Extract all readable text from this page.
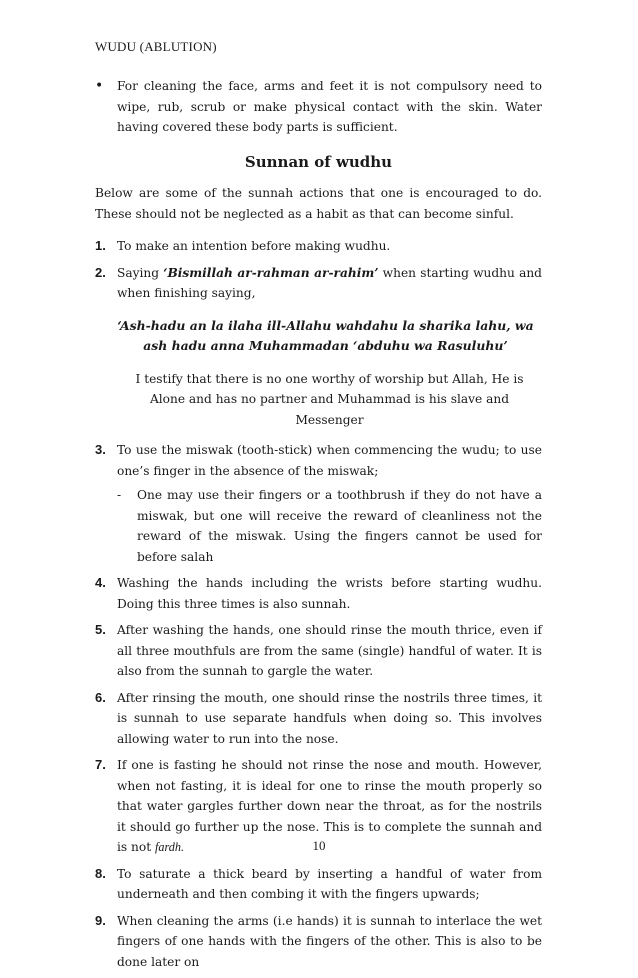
WUDU (ABLUTION)
•	For cleaning the face, arms and feet it is not compulsory need to wipe, rub, scrub or make physical contact with the skin. Water having covered these body parts is sufficient.
Sunnan of wudhu
Below are some of the sunnah actions that one is encouraged to do. These should not be neglected as a habit as that can become sinful.
1. To make an intention before making wudhu.
2. Saying ‘Bismillah ar-rahman ar-rahim’ when starting wudhu and when finishing saying,
‘Ash-hadu an la ilaha ill-Allahu wahdahu la sharika lahu, wa ash hadu anna Muhammadan ‘abduhu wa Rasuluhu’
I testify that there is no one worthy of worship but Allah, He is Alone and has no partner and Muhammad is his slave and Messenger
3. To use the miswak (tooth-stick) when commencing the wudu; to use one’s finger in the absence of the miswak;
-	One may use their fingers or a toothbrush if they do not have a miswak, but one will receive the reward of cleanliness not the reward of the miswak. Using the fingers cannot be used for before salah
4. Washing the hands including the wrists before starting wudhu. Doing this three times is also sunnah.
5. After washing the hands, one should rinse the mouth thrice, even if all three mouthfuls are from the same (single) handful of water. It is also from the sunnah to gargle the water.
6. After rinsing the mouth, one should rinse the nostrils three times, it is sunnah to use separate handfuls when doing so. This involves allowing water to run into the nose.
7. If one is fasting he should not rinse the nose and mouth. However, when not fasting, it is ideal for one to rinse the mouth properly so that water gargles further down near the throat, as for the nostrils it should go further up the nose. This is to complete the sunnah and is not fardh.
8. To saturate a thick beard by inserting a handful of water from underneath and then combing it with the fingers upwards;
9. When cleaning the arms (i.e hands) it is sunnah to interlace the wet fingers of one hands with the fingers of the other. This is also to be done later on
10
